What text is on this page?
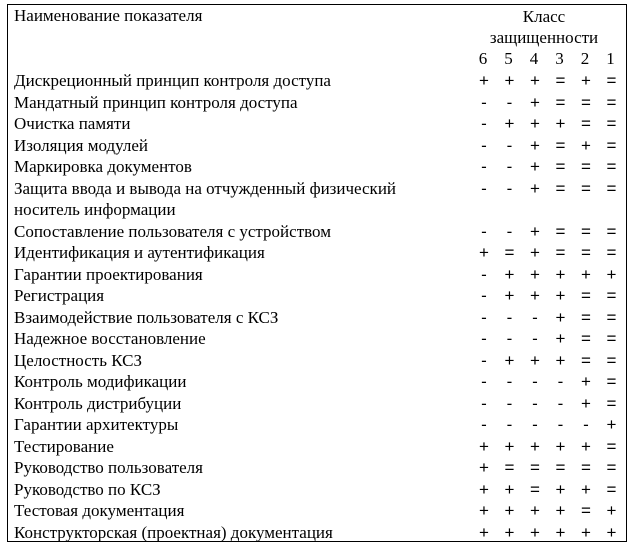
Наименование показателя	Класс
защищенности
6	5	4	3	2	1
Дискреционный принцип контроля доступа	+ + + = + =
Мандатный принцип контроля доступа	-	-	+ = = =
Очистка памяти	-	+ + + = =
Изоляция модулей	-	-	+ = + =
Маркировка документов	-	-	+ = = =
Защита ввода и вывода на отчужденный физический носитель информации
-	-	+ = = =
Сопоставление пользователя с устройством	-	-	+ = = =
Идентификация и аутентификация	+ = + = = =
Гарантии проектирования	-	+ + + + +
Регистрация	-	+ + + = =
Взаимодействие пользователя с КСЗ	-	-	-	+ = =
Надежное восстановление	-	-	-	+ = =
Целостность КСЗ	-	+ + + = =
Контроль модификации	-	-	-	-	+ =
Контроль дистрибуции	-	-	-	-	+ =
Гарантии архитектуры	-	-	-	-	-	+
Тестирование	+ + + + + =
Руководство пользователя	+ = = = = =
Руководство по КСЗ	+ + = + + =
Тестовая документация	+ + + + = +
Конструкторская (проектная) документация	+ + + + + +
